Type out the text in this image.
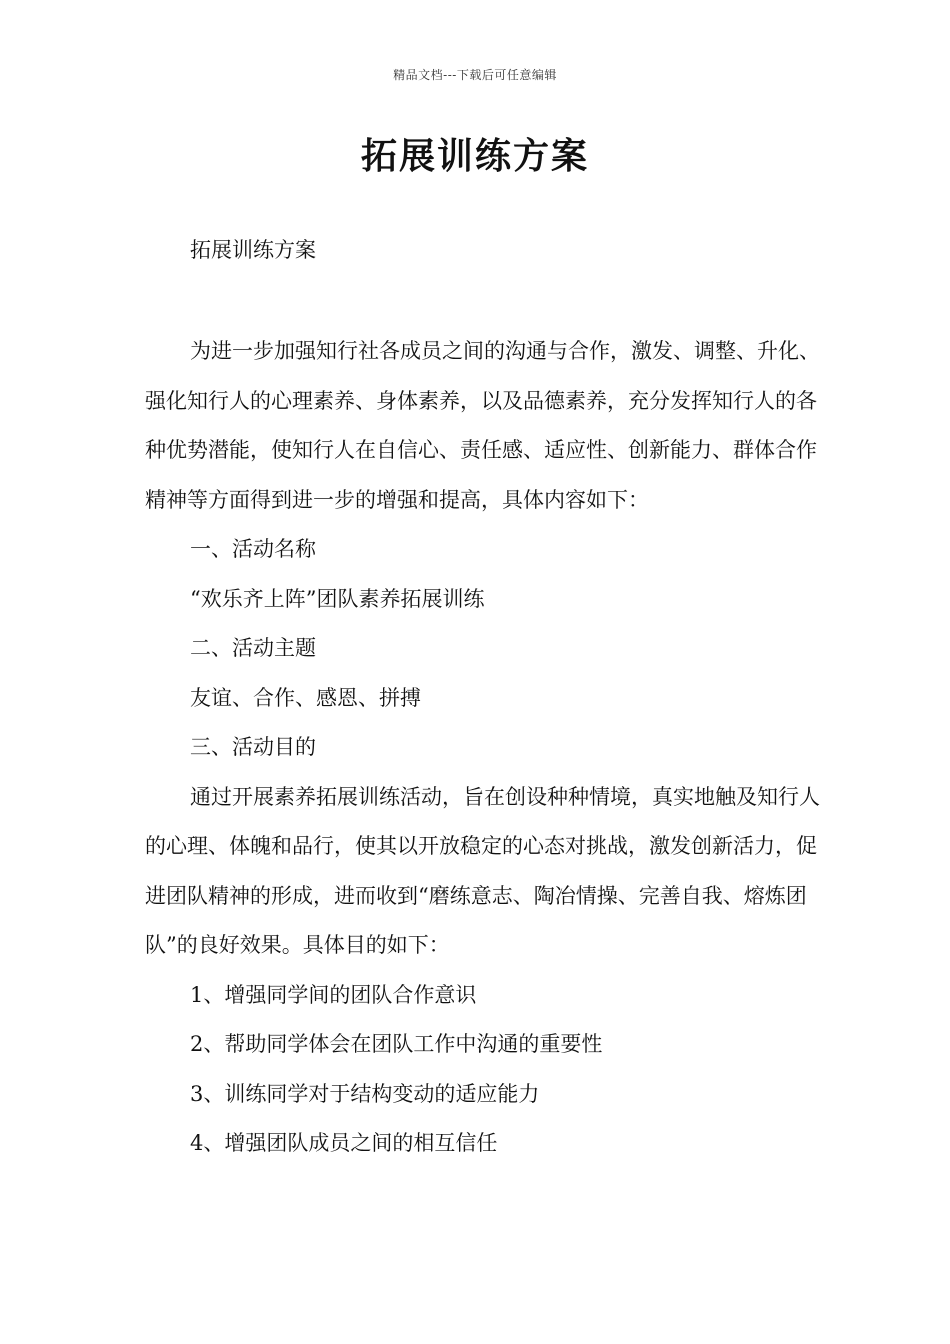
精品文档---下载后可任意编辑
拓展训练方案

拓展训练方案

为进一步加强知行社各成员之间的沟通与合作，激发、调整、升化、强化知行人的心理素养、身体素养，以及品德素养，充分发挥知行人的各种优势潜能，使知行人在自信心、责任感、适应性、创新能力、群体合作精神等方面得到进一步的增强和提高，具体内容如下：

一、活动名称

“欢乐齐上阵”团队素养拓展训练

二、活动主题

友谊、合作、感恩、拼搏

三、活动目的

通过开展素养拓展训练活动，旨在创设种种情境，真实地触及知行人的心理、体魄和品行，使其以开放稳定的心态对挑战，激发创新活力，促进团队精神的形成，进而收到“磨练意志、陶冶情操、完善自我、熔炼团队”的良好效果。具体目的如下：

1、增强同学间的团队合作意识

2、帮助同学体会在团队工作中沟通的重要性

3、训练同学对于结构变动的适应能力

4、增强团队成员之间的相互信任
